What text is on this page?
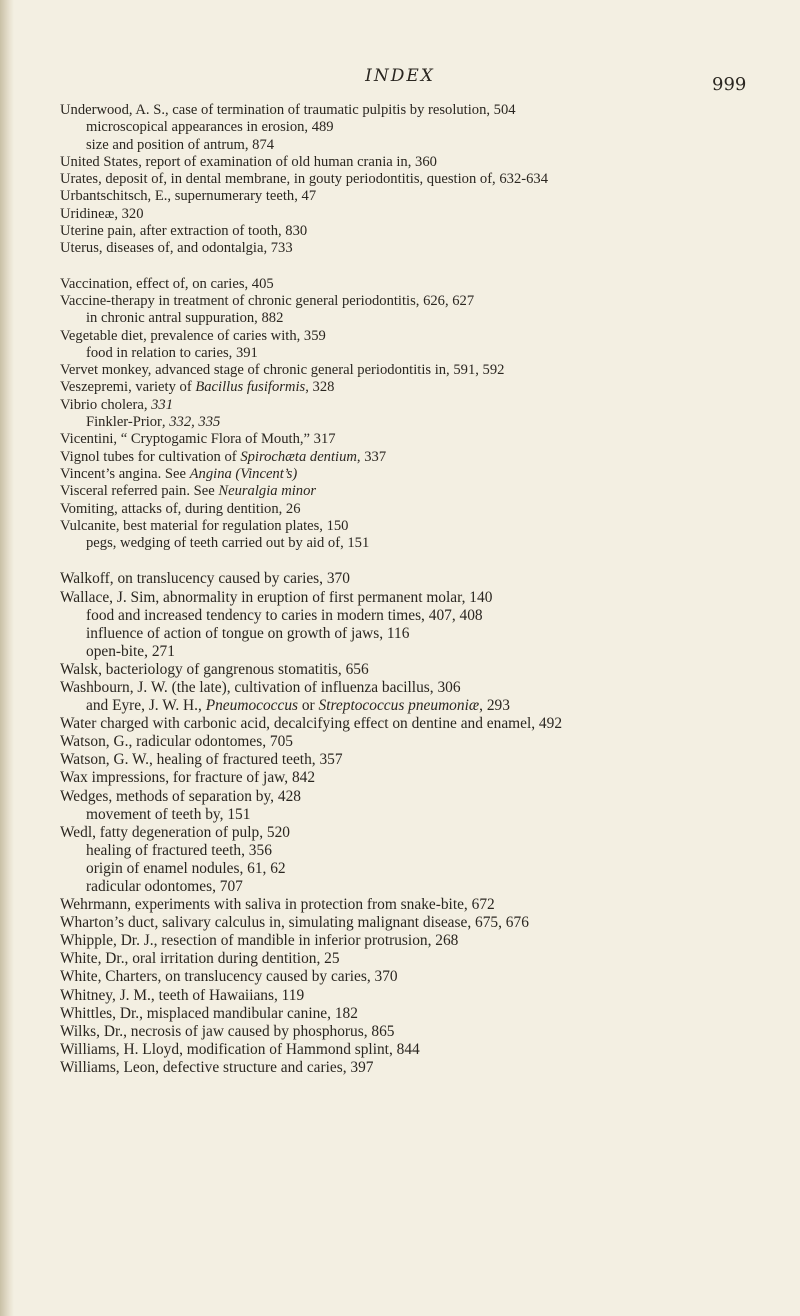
INDEX	999
Underwood, A. S., case of termination of traumatic pulpitis by resolution, 504
microscopical appearances in erosion, 489
size and position of antrum, 874
United States, report of examination of old human crania in, 360
Urates, deposit of, in dental membrane, in gouty periodontitis, question of, 632-634
Urbantschitsch, E., supernumerary teeth, 47
Uridineæ, 320
Uterine pain, after extraction of tooth, 830
Uterus, diseases of, and odontalgia, 733
Vaccination, effect of, on caries, 405
Vaccine-therapy in treatment of chronic general periodontitis, 626, 627
in chronic antral suppuration, 882
Vegetable diet, prevalence of caries with, 359
food in relation to caries, 391
Vervet monkey, advanced stage of chronic general periodontitis in, 591, 592
Veszepremi, variety of Bacillus fusiformis, 328
Vibrio cholera, 331
Finkler-Prior, 332, 335
Vicentini, “ Cryptogamic Flora of Mouth,” 317
Vignol tubes for cultivation of Spirochæta dentium, 337
Vincent’s angina. See Angina (Vincent’s)
Visceral referred pain. See Neuralgia minor
Vomiting, attacks of, during dentition, 26
Vulcanite, best material for regulation plates, 150
pegs, wedging of teeth carried out by aid of, 151
Walkoff, on translucency caused by caries, 370
Wallace, J. Sim, abnormality in eruption of first permanent molar, 140
food and increased tendency to caries in modern times, 407, 408
influence of action of tongue on growth of jaws, 116
open-bite, 271
Walsk, bacteriology of gangrenous stomatitis, 656
Washbourn, J. W. (the late), cultivation of influenza bacillus, 306
and Eyre, J. W. H., Pneumococcus or Streptococcus pneumoniæ, 293
Water charged with carbonic acid, decalcifying effect on dentine and enamel, 492
Watson, G., radicular odontomes, 705
Watson, G. W., healing of fractured teeth, 357
Wax impressions, for fracture of jaw, 842
Wedges, methods of separation by, 428
movement of teeth by, 151
Wedl, fatty degeneration of pulp, 520
healing of fractured teeth, 356
origin of enamel nodules, 61, 62
radicular odontomes, 707
Wehrmann, experiments with saliva in protection from snake-bite, 672
Wharton’s duct, salivary calculus in, simulating malignant disease, 675, 676
Whipple, Dr. J., resection of mandible in inferior protrusion, 268
White, Dr., oral irritation during dentition, 25
White, Charters, on translucency caused by caries, 370
Whitney, J. M., teeth of Hawaiians, 119
Whittles, Dr., misplaced mandibular canine, 182
Wilks, Dr., necrosis of jaw caused by phosphorus, 865
Williams, H. Lloyd, modification of Hammond splint, 844
Williams, Leon, defective structure and caries, 397
